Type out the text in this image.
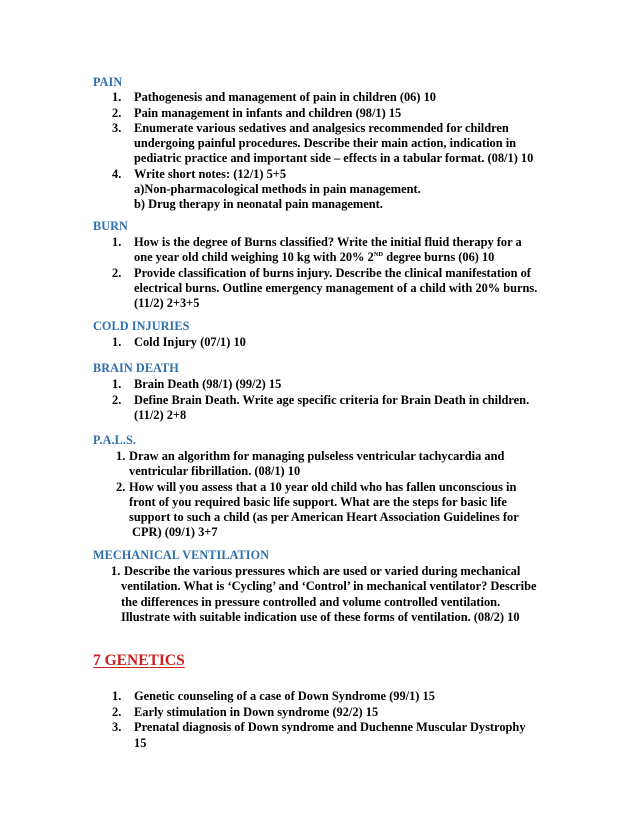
PAIN
1. Pathogenesis and management of pain in children (06) 10
2. Pain management in infants and children (98/1) 15
3. Enumerate various sedatives and analgesics recommended for children
undergoing painful procedures. Describe their main action, indication in
pediatric practice and important side – effects in a tabular format. (08/1) 10
4. Write short notes: (12/1) 5+5
a)Non-pharmacological methods in pain management.
b) Drug therapy in neonatal pain management.
BURN
1. How is the degree of Burns classified? Write the initial fluid therapy for a
one year old child weighing 10 kg with 20% 2ND degree burns (06) 10
2. Provide classification of burns injury. Describe the clinical manifestation of
electrical burns. Outline emergency management of a child with 20% burns.
(11/2) 2+3+5
COLD INJURIES
1. Cold Injury (07/1) 10
BRAIN DEATH
1. Brain Death (98/1) (99/2) 15
2. Define Brain Death. Write age specific criteria for Brain Death in children.
(11/2) 2+8
P.A.L.S.
1. Draw an algorithm for managing pulseless ventricular tachycardia and
ventricular fibrillation. (08/1) 10
2. How will you assess that a 10 year old child who has fallen unconscious in
front of you required basic life support. What are the steps for basic life
support to such a child (as per American Heart Association Guidelines for
CPR) (09/1) 3+7
MECHANICAL VENTILATION
1. Describe the various pressures which are used or varied during mechanical
ventilation. What is ‘Cycling’ and ‘Control’ in mechanical ventilator? Describe
the differences in pressure controlled and volume controlled ventilation.
Illustrate with suitable indication use of these forms of ventilation. (08/2) 10
7 GENETICS
1. Genetic counseling of a case of Down Syndrome (99/1) 15
2. Early stimulation in Down syndrome (92/2) 15
3. Prenatal diagnosis of Down syndrome and Duchenne Muscular Dystrophy
15
